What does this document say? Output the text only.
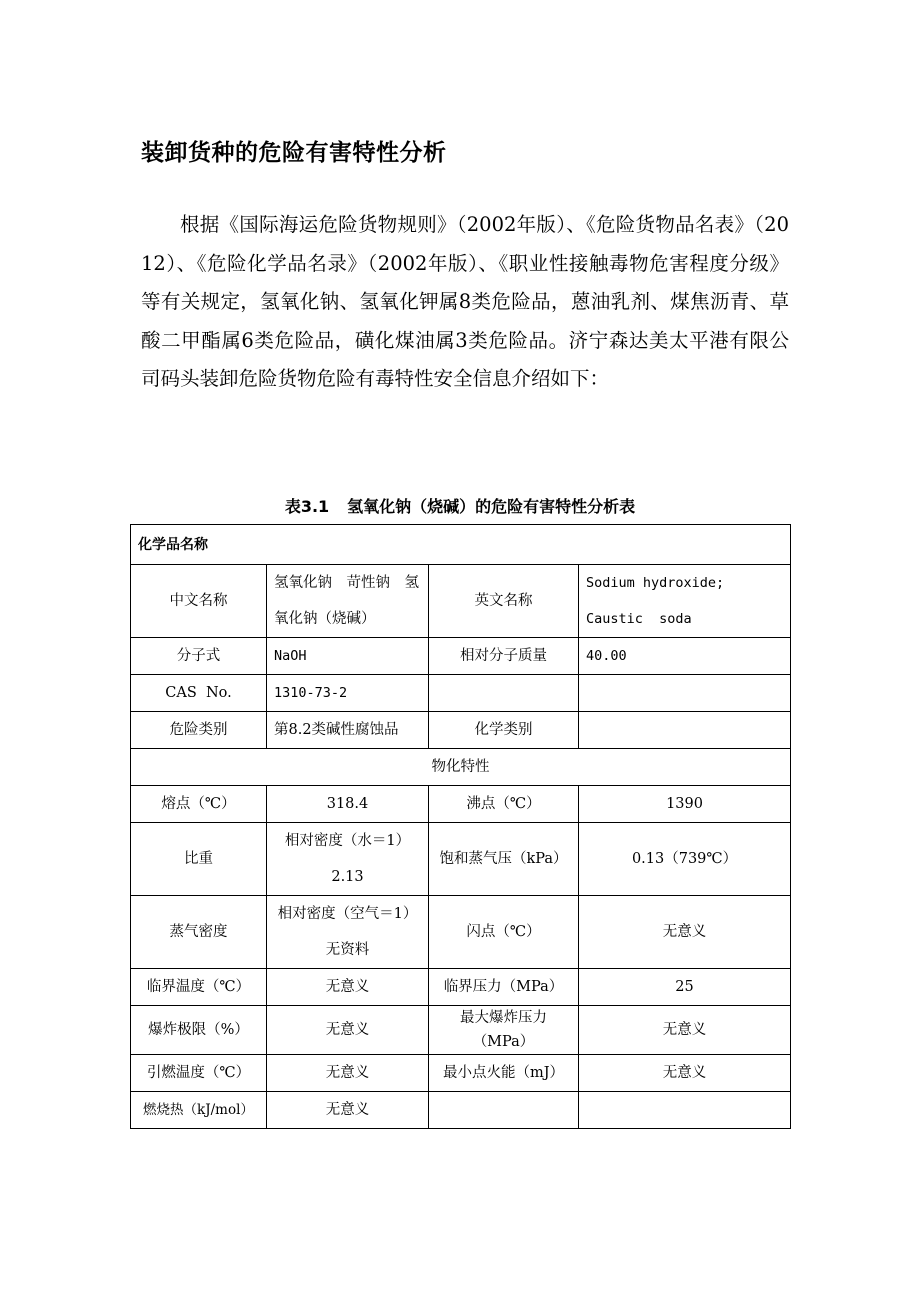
装卸货种的危险有害特性分析

根据《国际海运危险货物规则》（2002年版）、《危险货物品名表》（2012）、《危险化学品名录》（2002年版）、《职业性接触毒物危害程度分级》等有关规定，氢氧化钠、氢氧化钾属8类危险品，蒽油乳剂、煤焦沥青、草酸二甲酯属6类危险品，磺化煤油属3类危险品。济宁森达美太平港有限公司码头装卸危险货物危险有毒特性安全信息介绍如下：

表3.1 氢氧化钠（烧碱）的危险有害特性分析表
化学品名称			
中文名称	氢氧化钠　苛性钠　氢氧化钠（烧碱）	英文名称	Sodium hydroxide;
Caustic  soda
分子式	NaOH	相对分子质量	40.00
CAS  No.	1310-73-2		
危险类别	第8.2类碱性腐蚀品	化学类别	
物化特性			
熔点（℃）	318.4	沸点（℃）	1390
比重	相对密度（水＝1）2.13	饱和蒸气压（kPa）	0.13（739℃）
蒸气密度	相对密度（空气＝1）无资料	闪点（℃）	无意义
临界温度（℃）	无意义	临界压力（MPa）	25
爆炸极限（%）	无意义	最大爆炸压力（MPa）	无意义
引燃温度（℃）	无意义	最小点火能（mJ）	无意义
燃烧热（kJ/mol）	无意义		
